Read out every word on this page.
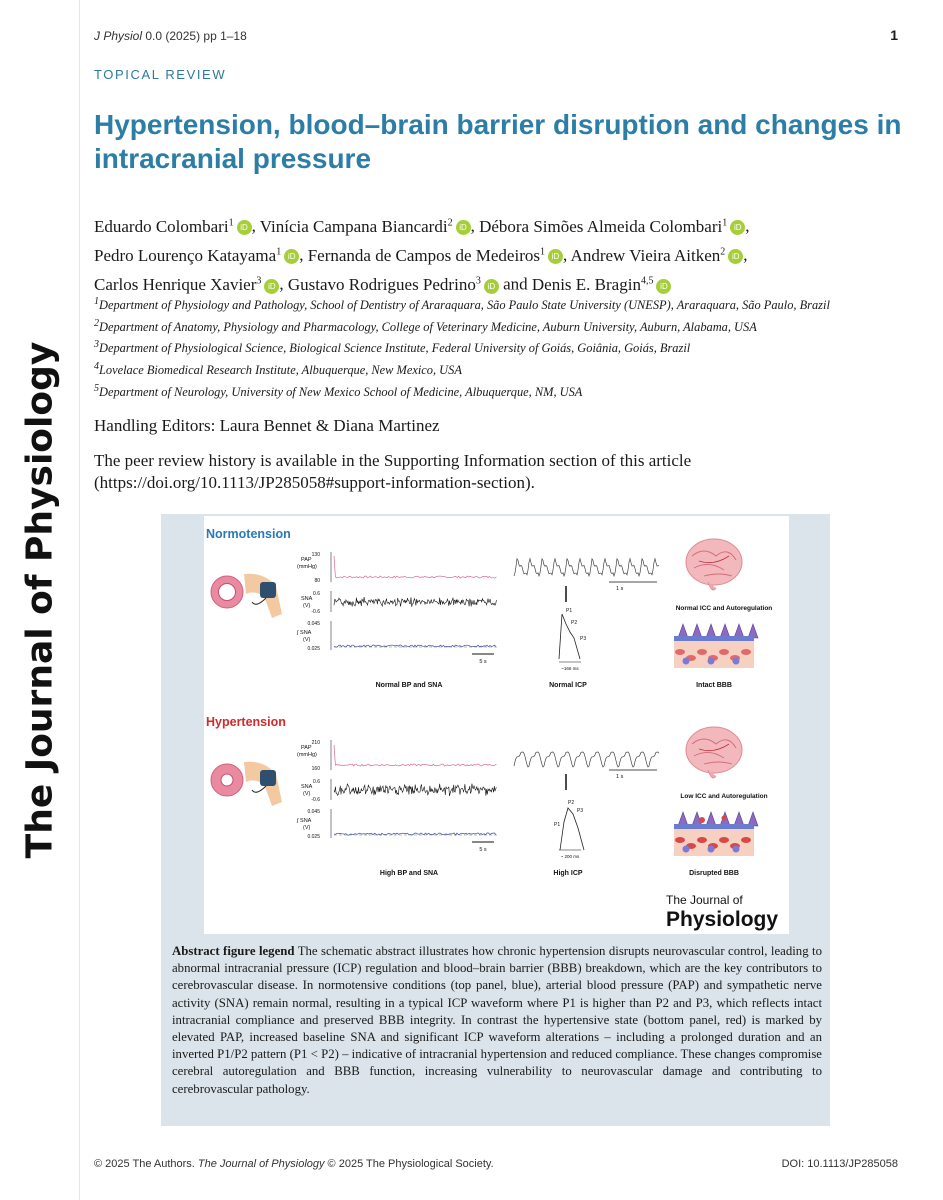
The Journal of Physiology
J Physiol 0.0 (2025) pp 1–18	1
TOPICAL REVIEW
Hypertension, blood–brain barrier disruption and changes in intracranial pressure
Eduardo Colombari$^1$ iD , Vinícia Campana Biancardi$^2$ iD , Débora Simões Almeida Colombari$^1$ iD ,
Pedro Lourenço Katayama$^1$ iD , Fernanda de Campos de Medeiros$^1$ iD , Andrew Vieira Aitken$^2$ iD ,
Carlos Henrique Xavier$^3$ iD , Gustavo Rodrigues Pedrino$^3$ iD and Denis E. Bragin$^{4,5}$ iD
$^1$Department of Physiology and Pathology, School of Dentistry of Araraquara, São Paulo State University (UNESP), Araraquara, São Paulo, Brazil
$^2$Department of Anatomy, Physiology and Pharmacology, College of Veterinary Medicine, Auburn University, Auburn, Alabama, USA
$^3$Department of Physiological Science, Biological Science Institute, Federal University of Goiás, Goiânia, Goiás, Brazil
$^4$Lovelace Biomedical Research Institute, Albuquerque, New Mexico, USA
$^5$Department of Neurology, University of New Mexico School of Medicine, Albuquerque, NM, USA
Handling Editors: Laura Bennet & Diana Martinez
The peer review history is available in the Supporting Information section of this article (https://doi.org/10.1113/JP285058#support-information-section).
Normotension
PAP
(mmHg)
130
80
SNA
(V)
0.6
-0.6
∫ SNA
(V)
0.045
0.025
5 s
Normal BP and SNA
1 s
P1
P2
P3
~166 ms
Normal ICP
Normal ICC and Autoregulation
Intact BBB
Hypertension
PAP
(mmHg)
210
160
SNA
(V)
0.6
-0.6
∫ SNA
(V)
0.045
0.025
5 s
High BP and SNA
1 s
P1
P2
P3
~ 200 ms
High ICP
Low ICC and Autoregulation
Disrupted BBB
The Journal of
Physiology
Abstract figure legend The schematic abstract illustrates how chronic hypertension disrupts neurovascular control, leading to abnormal intracranial pressure (ICP) regulation and blood–brain barrier (BBB) breakdown, which are the key contributors to cerebrovascular disease. In normotensive conditions (top panel, blue), arterial blood pressure (PAP) and sympathetic nerve activity (SNA) remain normal, resulting in a typical ICP waveform where P1 is higher than P2 and P3, which reflects intact intracranial compliance and preserved BBB integrity. In contrast the hypertensive state (bottom panel, red) is marked by elevated PAP, increased baseline SNA and significant ICP waveform alterations – including a prolonged duration and an inverted P1/P2 pattern (P1 < P2) – indicative of intracranial hypertension and reduced compliance. These changes compromise cerebral autoregulation and BBB function, increasing vulnerability to neurovascular damage and contributing to cerebrovascular pathology.
© 2025 The Authors. The Journal of Physiology © 2025 The Physiological Society.	DOI: 10.1113/JP285058
